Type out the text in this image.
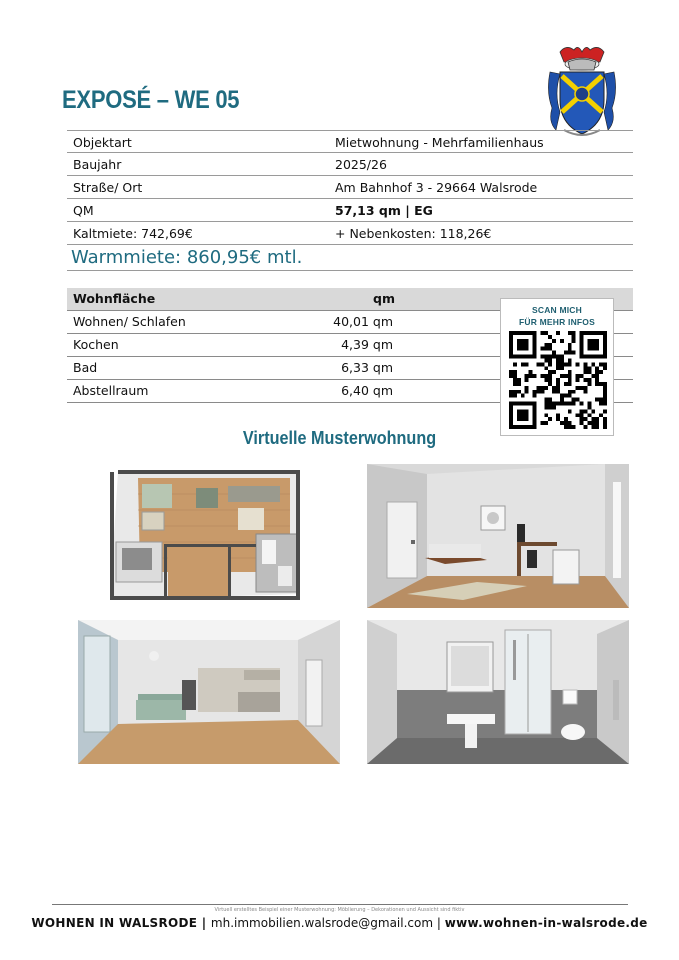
EXPOSÉ – WE 05
Objektart	Mietwohnung - Mehrfamilienhaus
Baujahr	2025/26
Straße/ Ort	Am Bahnhof 3 - 29664 Walsrode
QM	57,13 qm | EG
Kaltmiete: 742,69€	+ Nebenkosten: 118,26€
Warmmiete: 860,95€ mtl.
Wohnfläche	qm
Wohnen/ Schlafen	40,01 qm
Kochen	4,39 qm
Bad	6,33 qm
Abstellraum	6,40 qm
SCAN MICH
FÜR MEHR INFOS
Virtuelle Musterwohnung
Virtuell erstelltes Beispiel einer Musterwohnung: Möblierung – Dekorationen und Aussicht sind fiktiv
WOHNEN IN WALSRODE | mh.immobilien.walsrode@gmail.com | www.wohnen-in-walsrode.de
